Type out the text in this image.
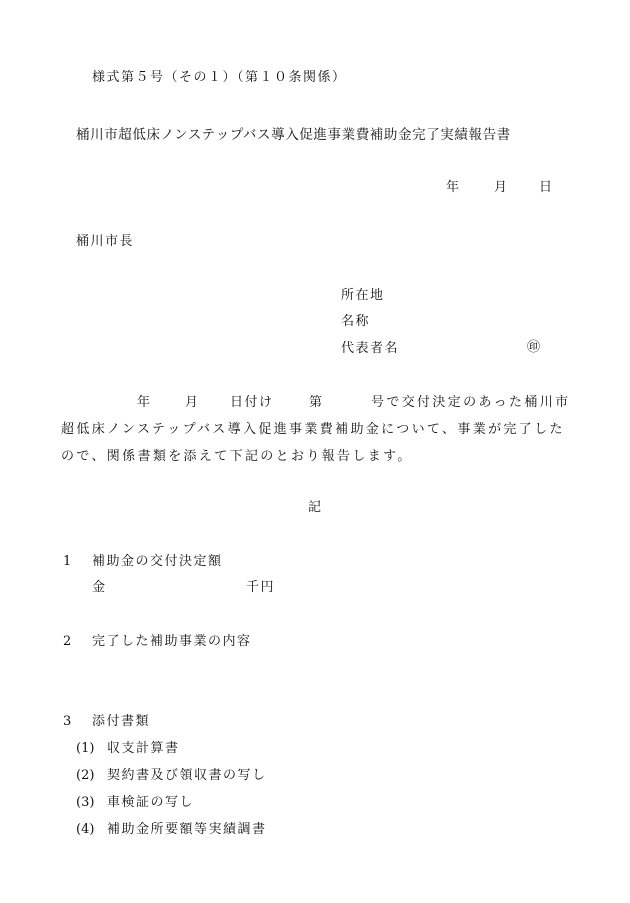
様式第５号（その１）（第１０条関係）
桶川市超低床ノンステップバス導入促進事業費補助金完了実績報告書
年	月 日
桶川市長
所在地
名称
代表者名	㊞
年	月 日付け	第	号で交付決定のあった桶川市
超低床ノンステップバス導入促進事業費補助金について、事業が完了した
ので、関係書類を添えて下記のとおり報告します。
記
1 補助金の交付決定額
金	千円
2 完了した補助事業の内容
3 添付書類
(1) 収支計算書
(2) 契約書及び領収書の写し
(3) 車検証の写し
(4) 補助金所要額等実績調書
